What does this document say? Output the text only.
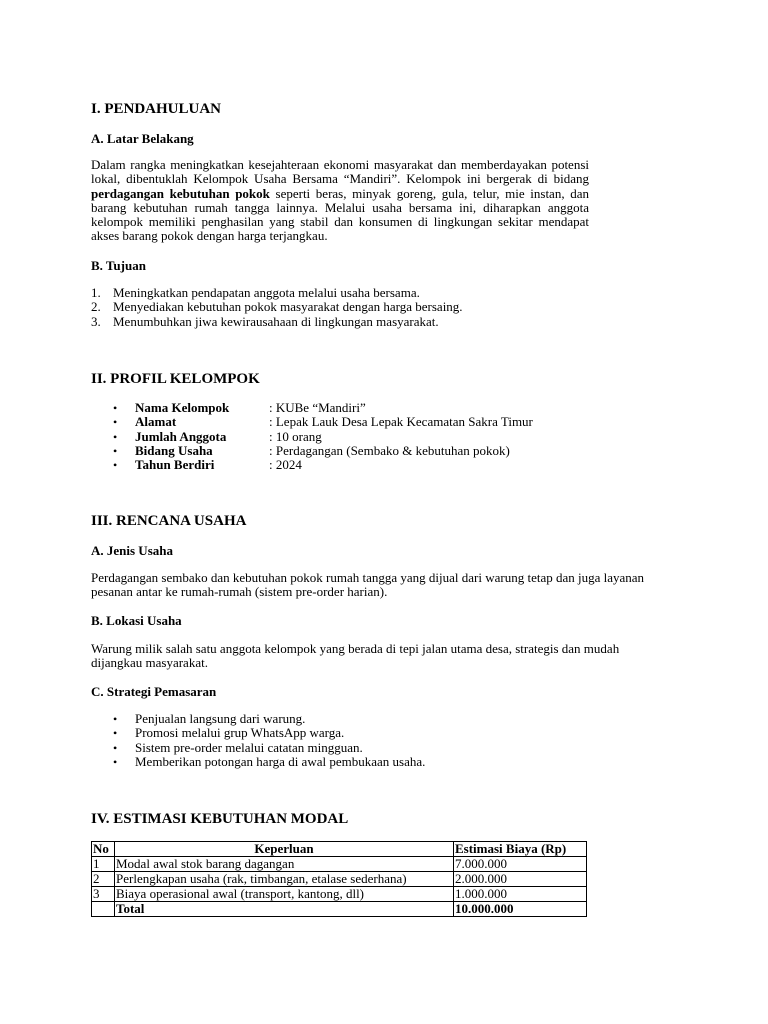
I. PENDAHULUAN
A. Latar Belakang

Dalam rangka meningkatkan kesejahteraan ekonomi masyarakat dan memberdayakan potensi lokal, dibentuklah Kelompok Usaha Bersama “Mandiri”. Kelompok ini bergerak di bidang perdagangan kebutuhan pokok seperti beras, minyak goreng, gula, telur, mie instan, dan barang kebutuhan rumah tangga lainnya. Melalui usaha bersama ini, diharapkan anggota kelompok memiliki penghasilan yang stabil dan konsumen di lingkungan sekitar mendapat akses barang pokok dengan harga terjangkau.

B. Tujuan
1. Meningkatkan pendapatan anggota melalui usaha bersama.
2. Menyediakan kebutuhan pokok masyarakat dengan harga bersaing.
3. Menumbuhkan jiwa kewirausahaan di lingkungan masyarakat.
II. PROFIL KELOMPOK
• Nama Kelompok	: KUBe “Mandiri”
• Alamat	: Lepak Lauk Desa Lepak Kecamatan Sakra Timur
• Jumlah Anggota	: 10 orang
• Bidang Usaha	: Perdagangan (Sembako & kebutuhan pokok)
• Tahun Berdiri	: 2024
III. RENCANA USAHA
A. Jenis Usaha

Perdagangan sembako dan kebutuhan pokok rumah tangga yang dijual dari warung tetap dan juga layanan pesanan antar ke rumah-rumah (sistem pre-order harian).

B. Lokasi Usaha

Warung milik salah satu anggota kelompok yang berada di tepi jalan utama desa, strategis dan mudah dijangkau masyarakat.

C. Strategi Pemasaran
• Penjualan langsung dari warung.
• Promosi melalui grup WhatsApp warga.
• Sistem pre-order melalui catatan mingguan.
• Memberikan potongan harga di awal pembukaan usaha.
IV. ESTIMASI KEBUTUHAN MODAL
No	Keperluan	Estimasi Biaya (Rp)
1	Modal awal stok barang dagangan	7.000.000
2	Perlengkapan usaha (rak, timbangan, etalase sederhana)	2.000.000
3	Biaya operasional awal (transport, kantong, dll)	1.000.000
	Total	10.000.000
